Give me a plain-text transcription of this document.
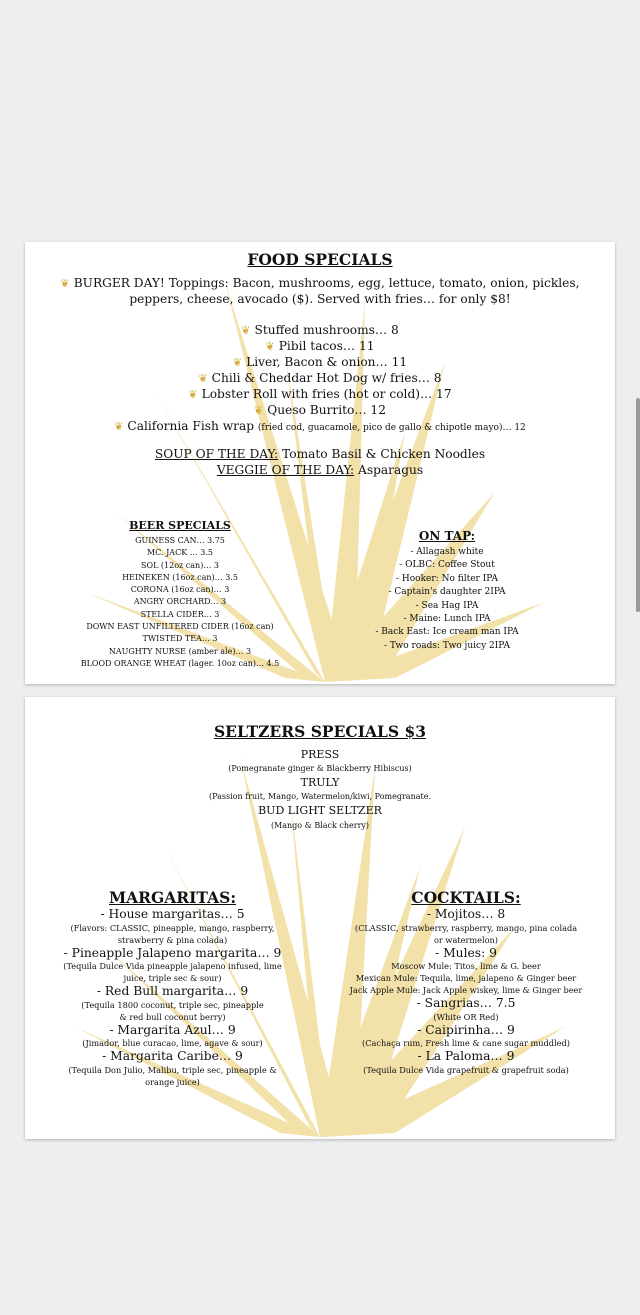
FOOD SPECIALS
❦ BURGER DAY! Toppings: Bacon, mushrooms, egg, lettuce, tomato, onion, pickles,
peppers, cheese, avocado ($). Served with fries… for only $8!
❦ Stuffed mushrooms… 8
❦ Pibil tacos… 11
❦ Liver, Bacon & onion… 11
❦ Chili & Cheddar Hot Dog w/ fries… 8
❦ Lobster Roll with fries (hot or cold)… 17
❦ Queso Burrito… 12
❦ California Fish wrap (fried cod, guacamole, pico de gallo & chipotle mayo)… 12
SOUP OF THE DAY: Tomato Basil & Chicken Noodles
VEGGIE OF THE DAY: Asparagus
BEER SPECIALS
GUINESS CAN… 3.75
MC. JACK … 3.5
SOL (12oz can)… 3
HEINEKEN (16oz can)… 3.5
CORONA (16oz can)… 3
ANGRY ORCHARD… 3
STELLA CIDER… 3
DOWN EAST UNFILTERED CIDER (16oz can)
TWISTED TEA… 3
NAUGHTY NURSE (amber ale)… 3
BLOOD ORANGE WHEAT (lager. 10oz can)… 4.5
ON TAP:
- Allagash white
- OLBC: Coffee Stout
- Hooker: No filter IPA
- Captain's daughter 2IPA
- Sea Hag IPA
- Maine: Lunch IPA
- Back East: Ice cream man IPA
- Two roads: Two juicy 2IPA
SELTZERS SPECIALS $3
PRESS
(Pomegranate ginger & Blackberry Hibiscus)
TRULY
(Passion fruit, Mango, Watermelon/kiwi, Pomegranate.
BUD LIGHT SELTZER
(Mango & Black cherry)
MARGARITAS:
- House margaritas… 5
(Flavors: CLASSIC, pineapple, mango, raspberry,
strawberry & pina colada)
- Pineapple Jalapeno margarita… 9
(Tequila Dulce Vida pineapple jalapeno infused, lime
juice, triple sec & sour)
- Red Bull margarita… 9
(Tequila 1800 coconut, triple sec, pineapple
& red bull coconut berry)
- Margarita Azul… 9
(Jimador, blue curacao, lime, agave & sour)
- Margarita Caribe… 9
(Tequila Don Julio, Malibu, triple sec, pineapple &
orange juice)
COCKTAILS:
- Mojitos… 8
(CLASSIC, strawberry, raspberry, mango, pina colada
or watermelon)
- Mules: 9
Moscow Mule: Titos, lime & G. beer
Mexican Mule: Tequila, lime, jalapeno & Ginger beer
Jack Apple Mule: Jack Apple wiskey, lime & Ginger beer
- Sangrias… 7.5
(White OR Red)
- Caipirinha… 9
(Cachaça rum, Fresh lime & cane sugar muddled)
- La Paloma… 9
(Tequila Dulce Vida grapefruit & grapefruit soda)
